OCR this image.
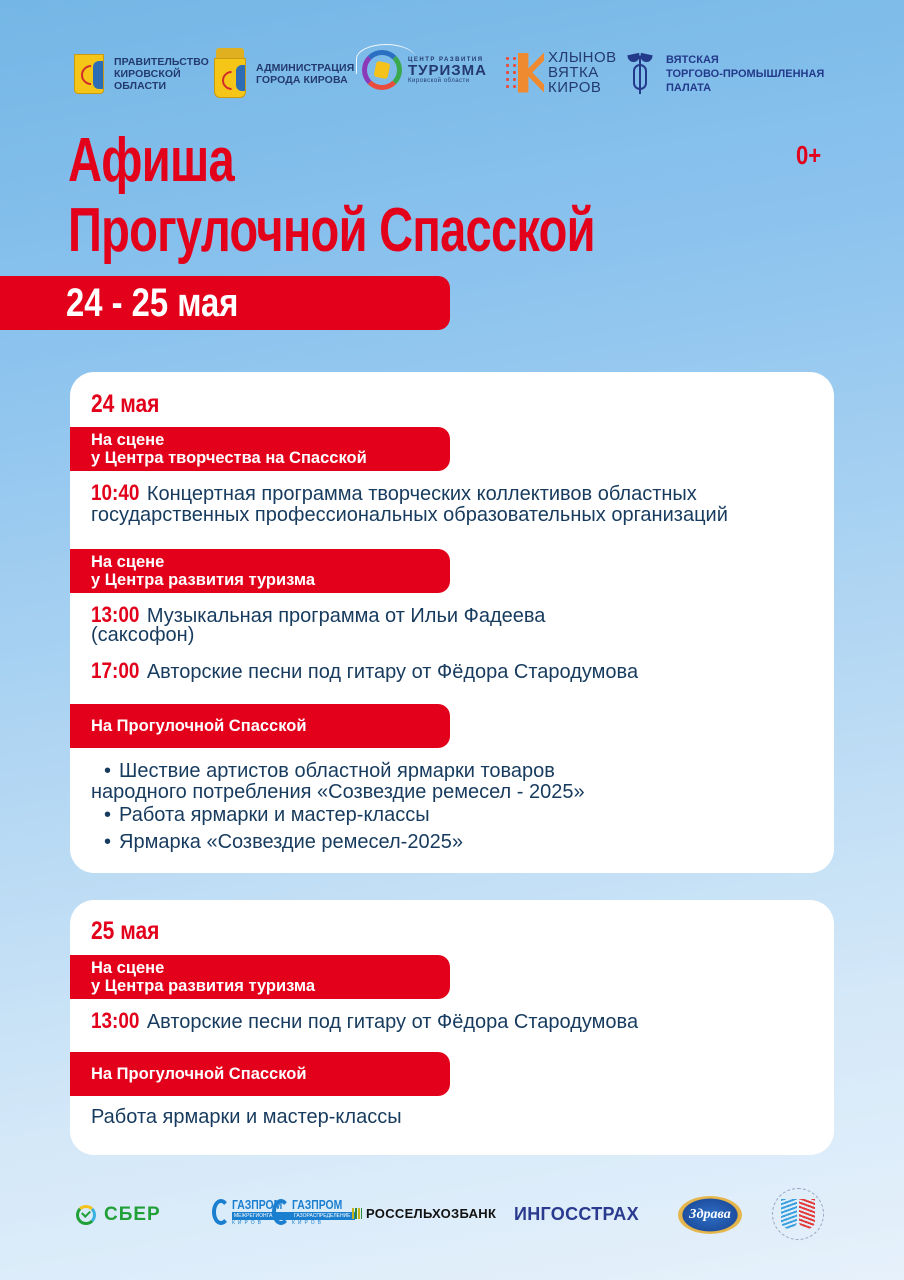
ПРАВИТЕЛЬСТВО
КИРОВСКОЙ
ОБЛАСТИ
АДМИНИСТРАЦИЯ
ГОРОДА КИРОВА
ЦЕНТР РАЗВИТИЯ
ТУРИЗМА
Кировской области
ХЛЫНОВ
ВЯТКА
КИРОВ
ВЯТСКАЯ
ТОРГОВО-ПРОМЫШЛЕННАЯ
ПАЛАТА
Афиша
Прогулочной Спасской
0+
24 - 25 мая
24 мая
На сцене
у Центра творчества на Спасской
10:40 Концертная программа творческих коллективов областных
государственных профессиональных образовательных организаций
На сцене
у Центра развития туризма
13:00 Музыкальная программа от Ильи Фадеева
(саксофон)
17:00 Авторские песни под гитару от Фёдора Стародумова
На Прогулочной Спасской
• Шествие артистов областной ярмарки товаров
народного потребления «Созвездие ремесел - 2025»
• Работа ярмарки и мастер-классы
• Ярмарка «Созвездие ремесел-2025»
25 мая
На сцене
у Центра развития туризма
13:00 Авторские песни под гитару от Фёдора Стародумова
На Прогулочной Спасской
Работа ярмарки и мастер-классы
СБЕР	ГАЗПРОМ
МЕЖРЕГИОНГАЗ
КИРОВ
ГАЗПРОМ
ГАЗОРАСПРЕДЕЛЕНИЕ
КИРОВ
РОССЕЛЬХОЗБАНК ИНГОССТРАХ	Здрава
